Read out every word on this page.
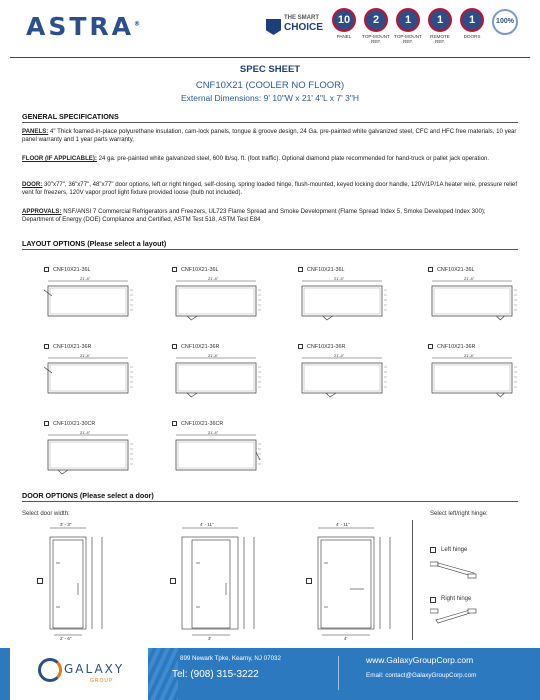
ASTRA®
THE SMART
CHOICE
10
PANEL
2
TOP-MOUNT REF.
1
TOP-MOUNT REF.
1
REMOTE REF.
1
DOORS
100%
SPEC SHEET
CNF10X21 (COOLER NO FLOOR)
External Dimensions: 9' 10"W x 21' 4"L x 7' 3"H
GENERAL SPECIFICATIONS
PANELS: 4" Thick foamed-in-place polyurethane insulation, cam-lock panels, tongue & groove design, 24 Ga. pre-painted white galvanized steel, CFC and HFC free materials, 10 year panel warranty and 1 year parts warranty,
FLOOR (IF APPLICABLE): 24 ga. pre-painted white galvanized steel, 600 lb/sq. ft. (foot traffic). Optional diamond plate recommended for hand-truck or pallet jack operation.
DOOR: 30"x77", 36"x77", 48"x77" door options, left or right hinged, self-closing, spring loaded hinge, flush-mounted, keyed locking door handle, 120V/1P/1A heater wire, pressure relief vent for freezers, 120V vapor proof light fixture provided loose (bulb not included).
APPROVALS: NSF/ANSI 7 Commercial Refrigerators and Freezers, UL723 Flame Spread and Smoke Development (Flame Spread Index 5, Smoke Developed Index 300); Department of Energy (DOE) Compliance and Certified, ASTM Test 518, ASTM Test E84
LAYOUT OPTIONS (Please select a layout)
CNF10X21-36L
21'-4"
CNF10X21-36L
21'-4"
CNF10X21-36L
21'-4"
CNF10X21-36L
21'-4"
CNF10X21-36R
21'-4"
CNF10X21-36R
21'-4"
CNF10X21-36R
21'-4"
CNF10X21-36R
21'-4"
CNF10X21-30CR
21'-4"
CNF10X21-36CR
21'-4"
DOOR OPTIONS (Please select a door)
Select door width:	Select left/right hinge:
3' - 3"
2' - 6"
4' - 11"
3'
4' - 11"
4'
Left hinge
Right hinge
GALAXY
GROUP
899 Newark Tpke, Kearny, NJ 07032
Tel: (908) 315-3222
www.GalaxyGroupCorp.com
Email: contact@GalaxyGroupCorp.com
